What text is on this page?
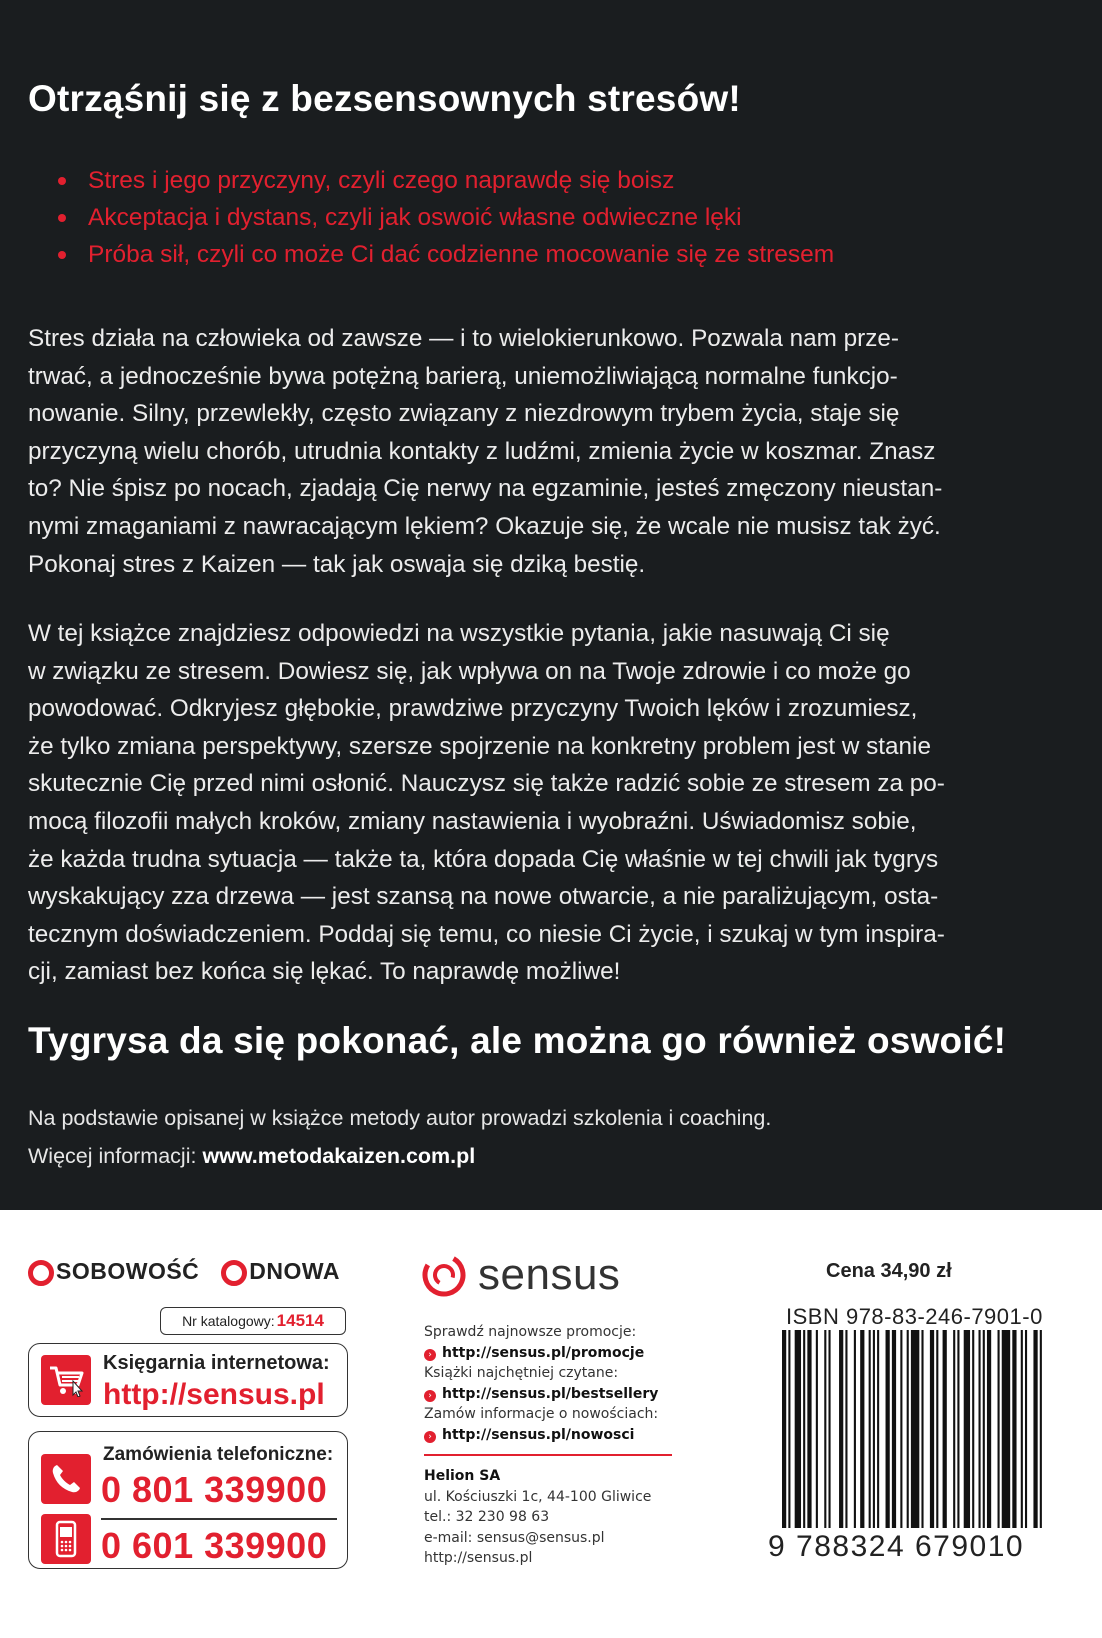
Otrząśnij się z bezsensownych stresów!
Stres i jego przyczyny, czyli czego naprawdę się boisz
Akceptacja i dystans, czyli jak oswoić własne odwieczne lęki
Próba sił, czyli co może Ci dać codzienne mocowanie się ze stresem

Stres działa na człowieka od zawsze — i to wielokierunkowo. Pozwala nam prze-
trwać, a jednocześnie bywa potężną barierą, uniemożliwiającą normalne funkcjo-
nowanie. Silny, przewlekły, często związany z niezdrowym trybem życia, staje się
przyczyną wielu chorób, utrudnia kontakty z ludźmi, zmienia życie w koszmar. Znasz
to? Nie śpisz po nocach, zjadają Cię nerwy na egzaminie, jesteś zmęczony nieustan-
nymi zmaganiami z nawracającym lękiem? Okazuje się, że wcale nie musisz tak żyć.
Pokonaj stres z Kaizen — tak jak oswaja się dziką bestię.

W tej książce znajdziesz odpowiedzi na wszystkie pytania, jakie nasuwają Ci się
w związku ze stresem. Dowiesz się, jak wpływa on na Twoje zdrowie i co może go
powodować. Odkryjesz głębokie, prawdziwe przyczyny Twoich lęków i zrozumiesz,
że tylko zmiana perspektywy, szersze spojrzenie na konkretny problem jest w stanie
skutecznie Cię przed nimi osłonić. Nauczysz się także radzić sobie ze stresem za po-
mocą filozofii małych kroków, zmiany nastawienia i wyobraźni. Uświadomisz sobie,
że każda trudna sytuacja — także ta, która dopada Cię właśnie w tej chwili jak tygrys
wyskakujący zza drzewa — jest szansą na nowe otwarcie, a nie paraliżującym, osta-
tecznym doświadczeniem. Poddaj się temu, co niesie Ci życie, i szukaj w tym inspira-
cji, zamiast bez końca się lękać. To naprawdę możliwe!

Tygrysa da się pokonać, ale można go również oswoić!
Na podstawie opisanej w książce metody autor prowadzi szkolenia i coaching.
Więcej informacji: www.metodakaizen.com.pl
SOBOWOŚĆ DNOWA
Nr katalogowy: 14514
Księgarnia internetowa:
http://sensus.pl
Zamówienia telefoniczne:
0 801 339900
0 601 339900
sensus
Sprawdź najnowsze promocje:
› http://sensus.pl/promocje
Książki najchętniej czytane:
› http://sensus.pl/bestsellery
Zamów informacje o nowościach:
› http://sensus.pl/nowosci
Helion SA
ul. Kościuszki 1c, 44-100 Gliwice
tel.: 32 230 98 63
e-mail: sensus@sensus.pl
http://sensus.pl
Cena 34,90 zł
ISBN 978-83-246-7901-0
9 788324 679010
